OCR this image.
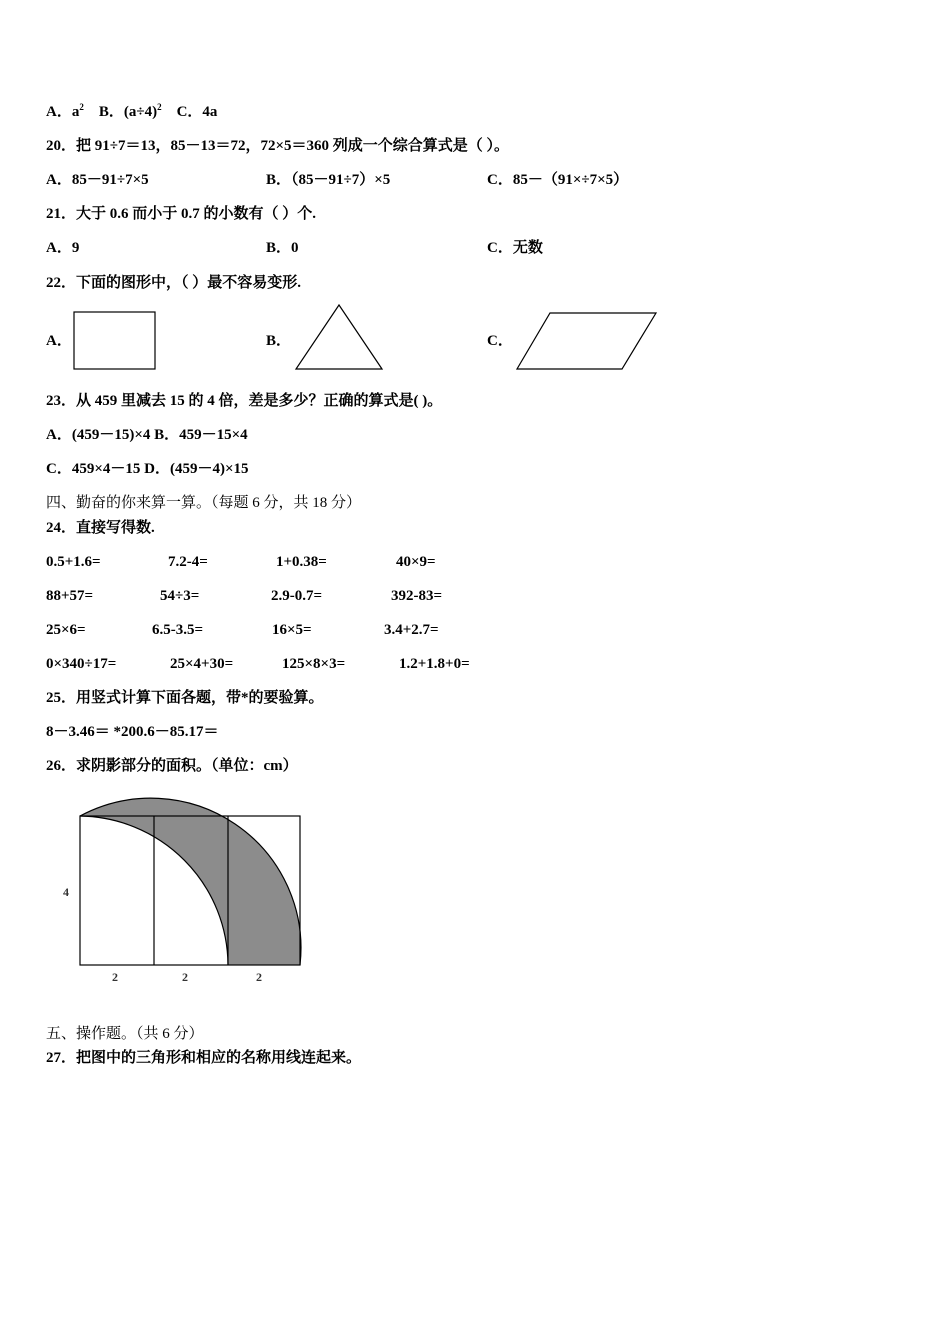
A．$a^2$ B．$(a\div 4)^2$ C．4a
20．把 91÷7＝13，85－13＝72，72×5＝360 列成一个综合算式是（ ）。
A．85－91÷7×5	B．（85－91÷7）×5	C．85－（91×÷7×5）
21．大于 0.6 而小于 0.7 的小数有（ ）个.
A．9	B．0	C．无数
22．下面的图形中，（ ）最不容易变形.
A．	B．	C．
23．从 459 里减去 15 的 4 倍，差是多少？正确的算式是( )。
A．(459－15)×4 B．459－15×4
C．459×4－15 D．(459－4)×15
四、勤奋的你来算一算。（每题 6 分，共 18 分）
24．直接写得数.
0.5+1.6=	7.2-4=	1+0.38=	40×9=
88+57=	54÷3=	2.9-0.7=	392-83=
25×6=	6.5-3.5=	16×5=	3.4+2.7=
0×340÷17=	25×4+30=	125×8×3=	1.2+1.8+0=
25．用竖式计算下面各题，带*的要验算。
8－3.46＝ *200.6－85.17＝
26．求阴影部分的面积。（单位：cm）
4
2	2	2
五、操作题。（共 6 分）
27．把图中的三角形和相应的名称用线连起来。
